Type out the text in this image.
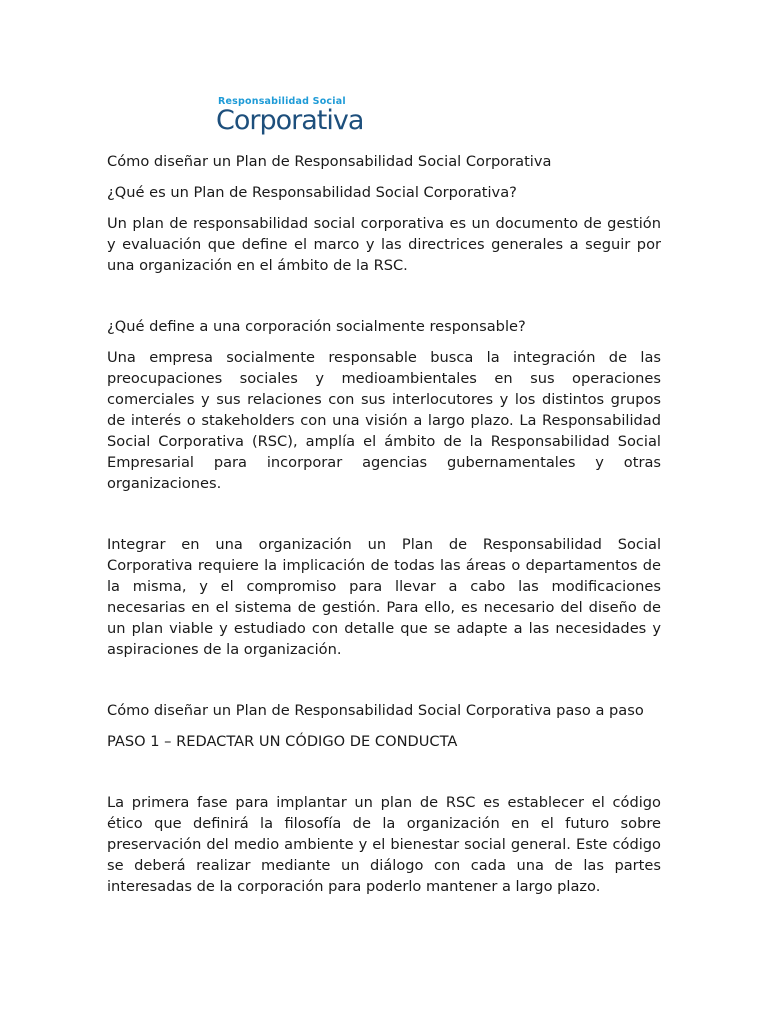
Responsabilidad Social
Corporativa

Cómo diseñar un Plan de Responsabilidad Social Corporativa

¿Qué es un Plan de Responsabilidad Social Corporativa?

Un plan de responsabilidad social corporativa es un documento de gestión y evaluación que define el marco y las directrices generales a seguir por una organización en el ámbito de la RSC.

¿Qué define a una corporación socialmente responsable?

Una empresa socialmente responsable busca la integración de las preocupaciones sociales y medioambientales en sus operaciones comerciales y sus relaciones con sus interlocutores y los distintos grupos de interés o stakeholders con una visión a largo plazo. La Responsabilidad Social Corporativa (RSC), amplía el ámbito de la Responsabilidad Social Empresarial para incorporar agencias gubernamentales y otras organizaciones.

Integrar en una organización un Plan de Responsabilidad Social Corporativa requiere la implicación de todas las áreas o departamentos de la misma, y el compromiso para llevar a cabo las modificaciones necesarias en el sistema de gestión. Para ello, es necesario del diseño de un plan viable y estudiado con detalle que se adapte a las necesidades y aspiraciones de la organización.

Cómo diseñar un Plan de Responsabilidad Social Corporativa paso a paso

PASO 1 – REDACTAR UN CÓDIGO DE CONDUCTA

La primera fase para implantar un plan de RSC es establecer el código ético que definirá la filosofía de la organización en el futuro sobre preservación del medio ambiente y el bienestar social general. Este código se deberá realizar mediante un diálogo con cada una de las partes interesadas de la corporación para poderlo mantener a largo plazo.
